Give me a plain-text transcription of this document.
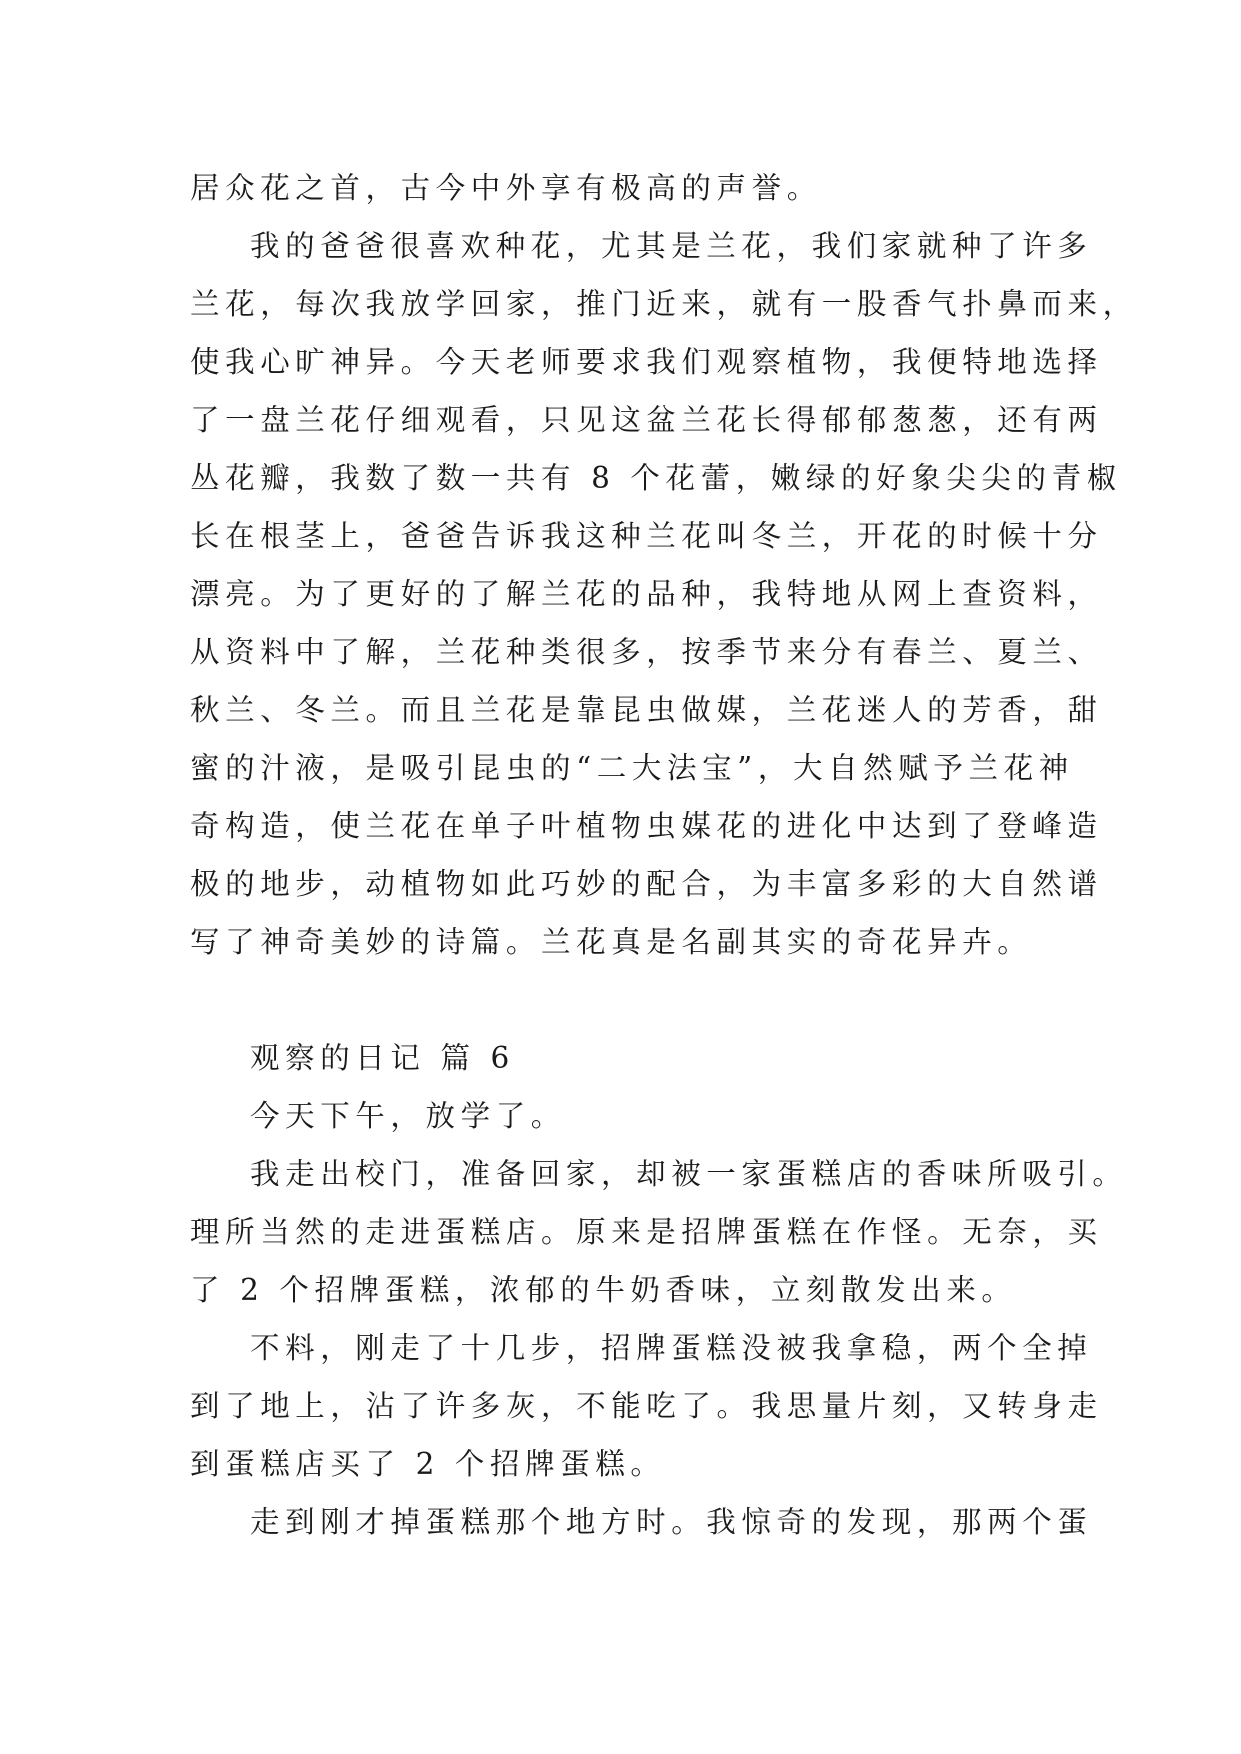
居众花之首，古今中外享有极高的声誉。
我的爸爸很喜欢种花，尤其是兰花，我们家就种了许多
兰花，每次我放学回家，推门近来，就有一股香气扑鼻而来，
使我心旷神异。今天老师要求我们观察植物，我便特地选择
了一盘兰花仔细观看，只见这盆兰花长得郁郁葱葱，还有两
丛花瓣，我数了数一共有 8 个花蕾，嫩绿的好象尖尖的青椒
长在根茎上，爸爸告诉我这种兰花叫冬兰，开花的时候十分
漂亮。为了更好的了解兰花的品种，我特地从网上查资料，
从资料中了解，兰花种类很多，按季节来分有春兰、夏兰、
秋兰、冬兰。而且兰花是靠昆虫做媒，兰花迷人的芳香，甜
蜜的汁液，是吸引昆虫的“二大法宝”，大自然赋予兰花神
奇构造，使兰花在单子叶植物虫媒花的进化中达到了登峰造
极的地步，动植物如此巧妙的配合，为丰富多彩的大自然谱
写了神奇美妙的诗篇。兰花真是名副其实的奇花异卉。
观察的日记 篇 6
今天下午，放学了。
我走出校门，准备回家，却被一家蛋糕店的香味所吸引。
理所当然的走进蛋糕店。原来是招牌蛋糕在作怪。无奈，买
了 2 个招牌蛋糕，浓郁的牛奶香味，立刻散发出来。
不料，刚走了十几步，招牌蛋糕没被我拿稳，两个全掉
到了地上，沾了许多灰，不能吃了。我思量片刻，又转身走
到蛋糕店买了 2 个招牌蛋糕。
走到刚才掉蛋糕那个地方时。我惊奇的发现，那两个蛋
